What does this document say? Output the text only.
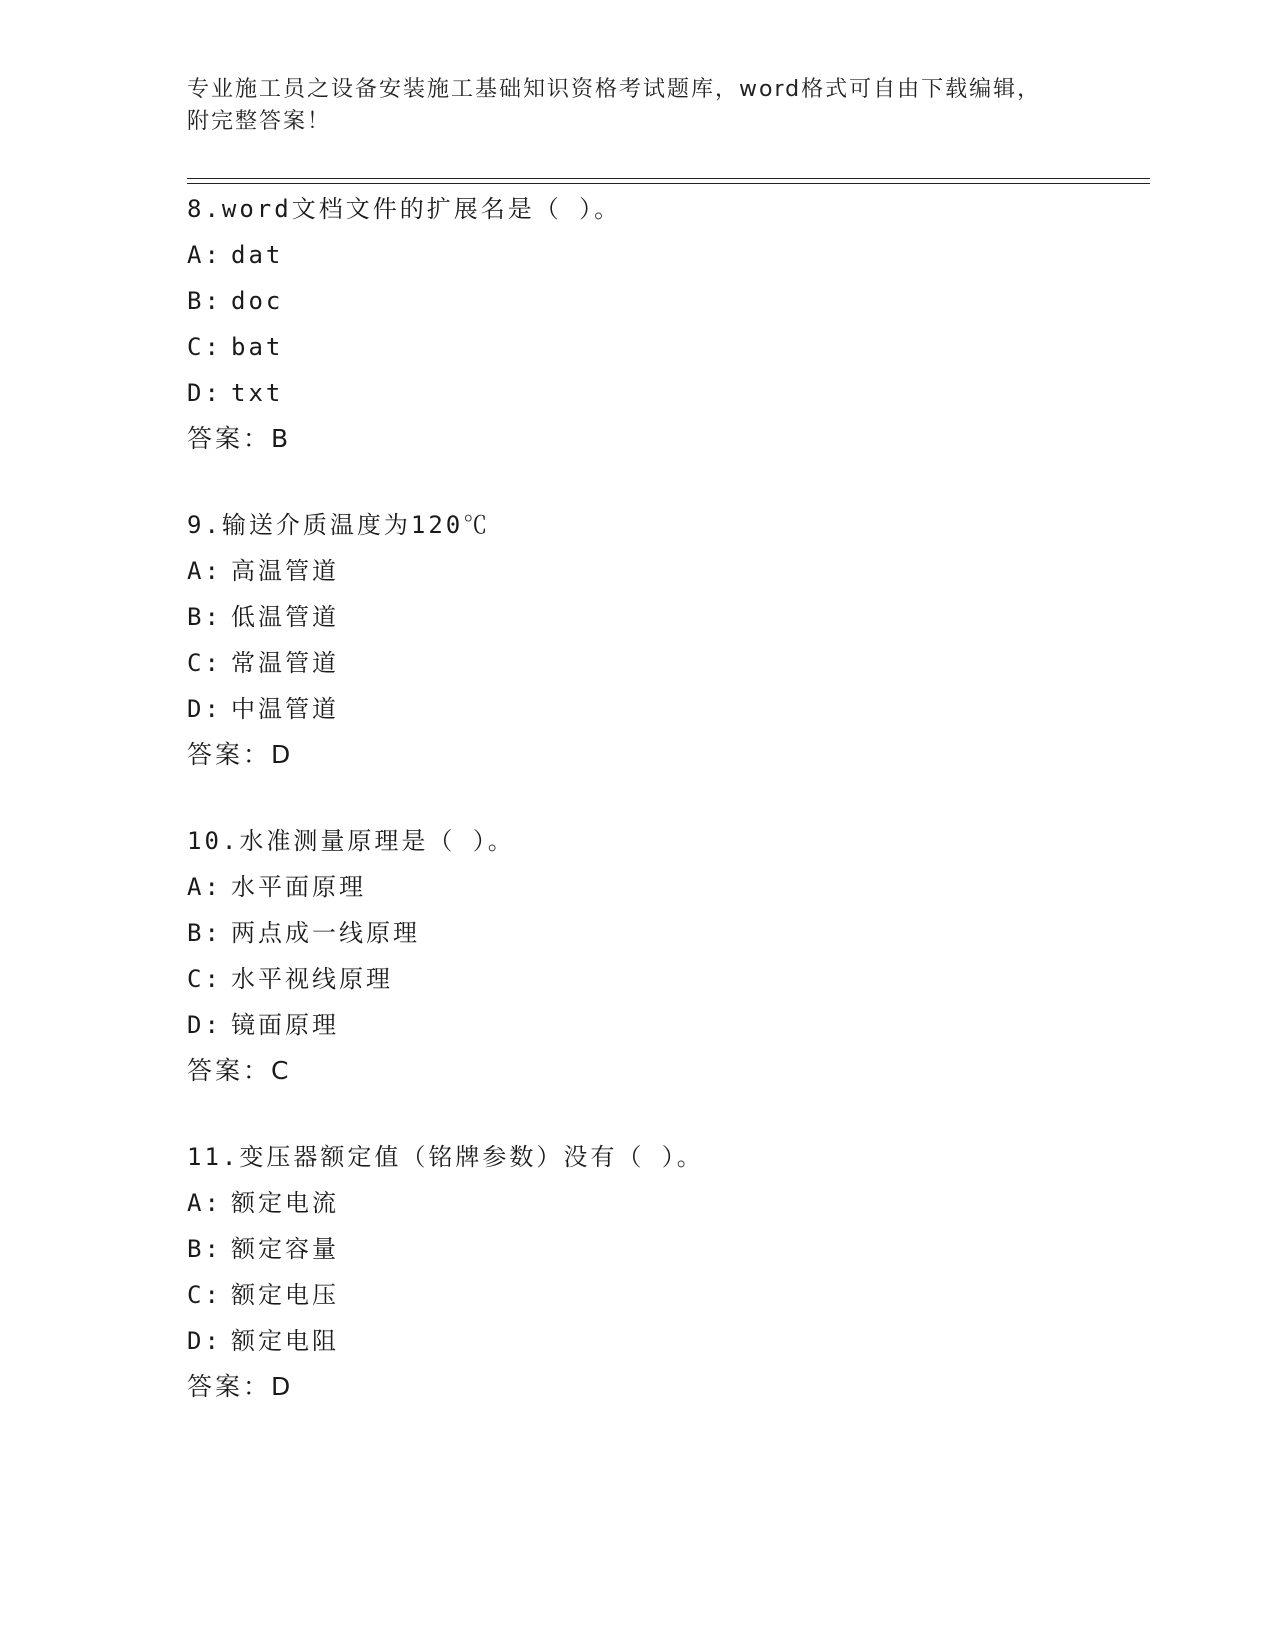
专业施工员之设备安装施工基础知识资格考试题库，word格式可自由下载编辑，
附完整答案！
8.word文档文件的扩展名是（ ）。
A: dat
B: doc
C: bat
D: txt
答案：B
9.输送介质温度为120℃
A: 高温管道
B: 低温管道
C: 常温管道
D: 中温管道
答案：D
10.水准测量原理是（ ）。
A: 水平面原理
B: 两点成一线原理
C: 水平视线原理
D: 镜面原理
答案：C
11.变压器额定值（铭牌参数）没有（ ）。
A: 额定电流
B: 额定容量
C: 额定电压
D: 额定电阻
答案：D
